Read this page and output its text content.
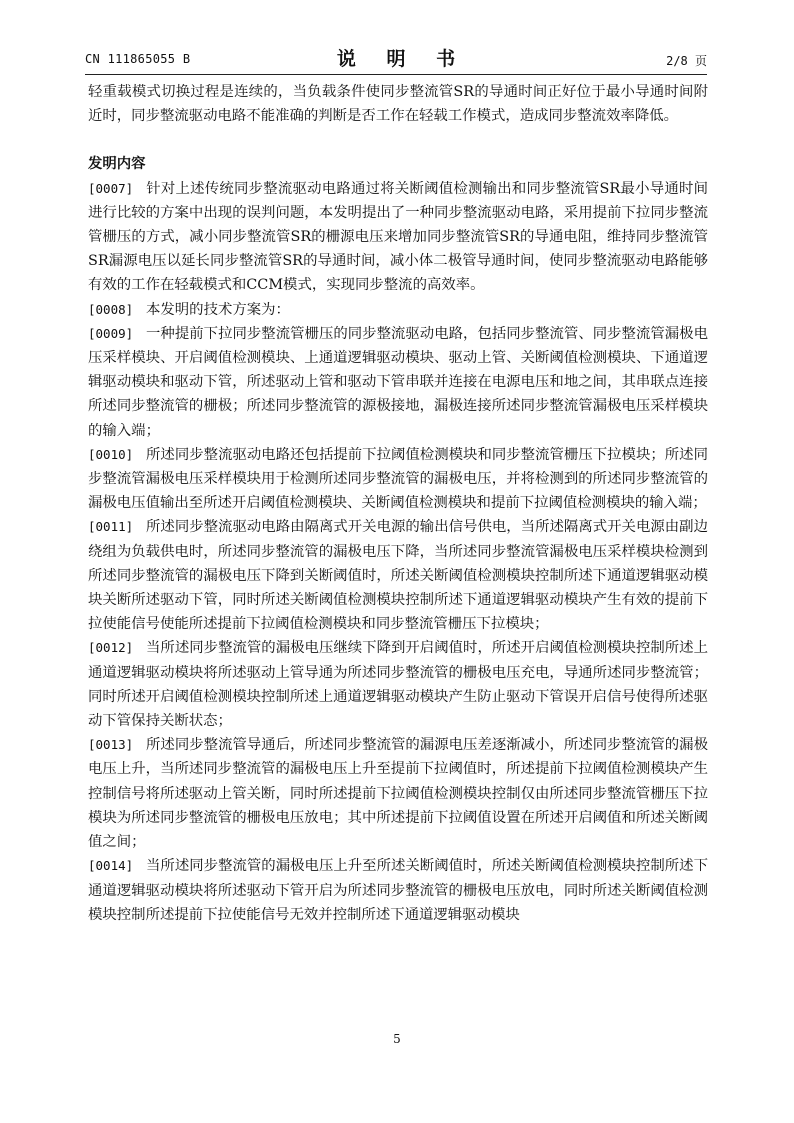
CN 111865055 B	说 明 书	2/8 页

轻重载模式切换过程是连续的，当负载条件使同步整流管SR的导通时间正好位于最小导通时间附近时，同步整流驱动电路不能准确的判断是否工作在轻载工作模式，造成同步整流效率降低。

发明内容

[0007] 针对上述传统同步整流驱动电路通过将关断阈值检测输出和同步整流管SR最小导通时间进行比较的方案中出现的误判问题，本发明提出了一种同步整流驱动电路，采用提前下拉同步整流管栅压的方式，减小同步整流管SR的栅源电压来增加同步整流管SR的导通电阻，维持同步整流管SR漏源电压以延长同步整流管SR的导通时间，减小体二极管导通时间，使同步整流驱动电路能够有效的工作在轻载模式和CCM模式，实现同步整流的高效率。

[0008] 本发明的技术方案为：

[0009] 一种提前下拉同步整流管栅压的同步整流驱动电路，包括同步整流管、同步整流管漏极电压采样模块、开启阈值检测模块、上通道逻辑驱动模块、驱动上管、关断阈值检测模块、下通道逻辑驱动模块和驱动下管，所述驱动上管和驱动下管串联并连接在电源电压和地之间，其串联点连接所述同步整流管的栅极；所述同步整流管的源极接地，漏极连接所述同步整流管漏极电压采样模块的输入端；

[0010] 所述同步整流驱动电路还包括提前下拉阈值检测模块和同步整流管栅压下拉模块；所述同步整流管漏极电压采样模块用于检测所述同步整流管的漏极电压，并将检测到的所述同步整流管的漏极电压值输出至所述开启阈值检测模块、关断阈值检测模块和提前下拉阈值检测模块的输入端；

[0011] 所述同步整流驱动电路由隔离式开关电源的输出信号供电，当所述隔离式开关电源由副边绕组为负载供电时，所述同步整流管的漏极电压下降，当所述同步整流管漏极电压采样模块检测到所述同步整流管的漏极电压下降到关断阈值时，所述关断阈值检测模块控制所述下通道逻辑驱动模块关断所述驱动下管，同时所述关断阈值检测模块控制所述下通道逻辑驱动模块产生有效的提前下拉使能信号使能所述提前下拉阈值检测模块和同步整流管栅压下拉模块；

[0012] 当所述同步整流管的漏极电压继续下降到开启阈值时，所述开启阈值检测模块控制所述上通道逻辑驱动模块将所述驱动上管导通为所述同步整流管的栅极电压充电，导通所述同步整流管；同时所述开启阈值检测模块控制所述上通道逻辑驱动模块产生防止驱动下管误开启信号使得所述驱动下管保持关断状态；

[0013] 所述同步整流管导通后，所述同步整流管的漏源电压差逐渐减小，所述同步整流管的漏极电压上升，当所述同步整流管的漏极电压上升至提前下拉阈值时，所述提前下拉阈值检测模块产生控制信号将所述驱动上管关断，同时所述提前下拉阈值检测模块控制仅由所述同步整流管栅压下拉模块为所述同步整流管的栅极电压放电；其中所述提前下拉阈值设置在所述开启阈值和所述关断阈值之间；

[0014] 当所述同步整流管的漏极电压上升至所述关断阈值时，所述关断阈值检测模块控制所述下通道逻辑驱动模块将所述驱动下管开启为所述同步整流管的栅极电压放电，同时所述关断阈值检测模块控制所述提前下拉使能信号无效并控制所述下通道逻辑驱动模块

5
